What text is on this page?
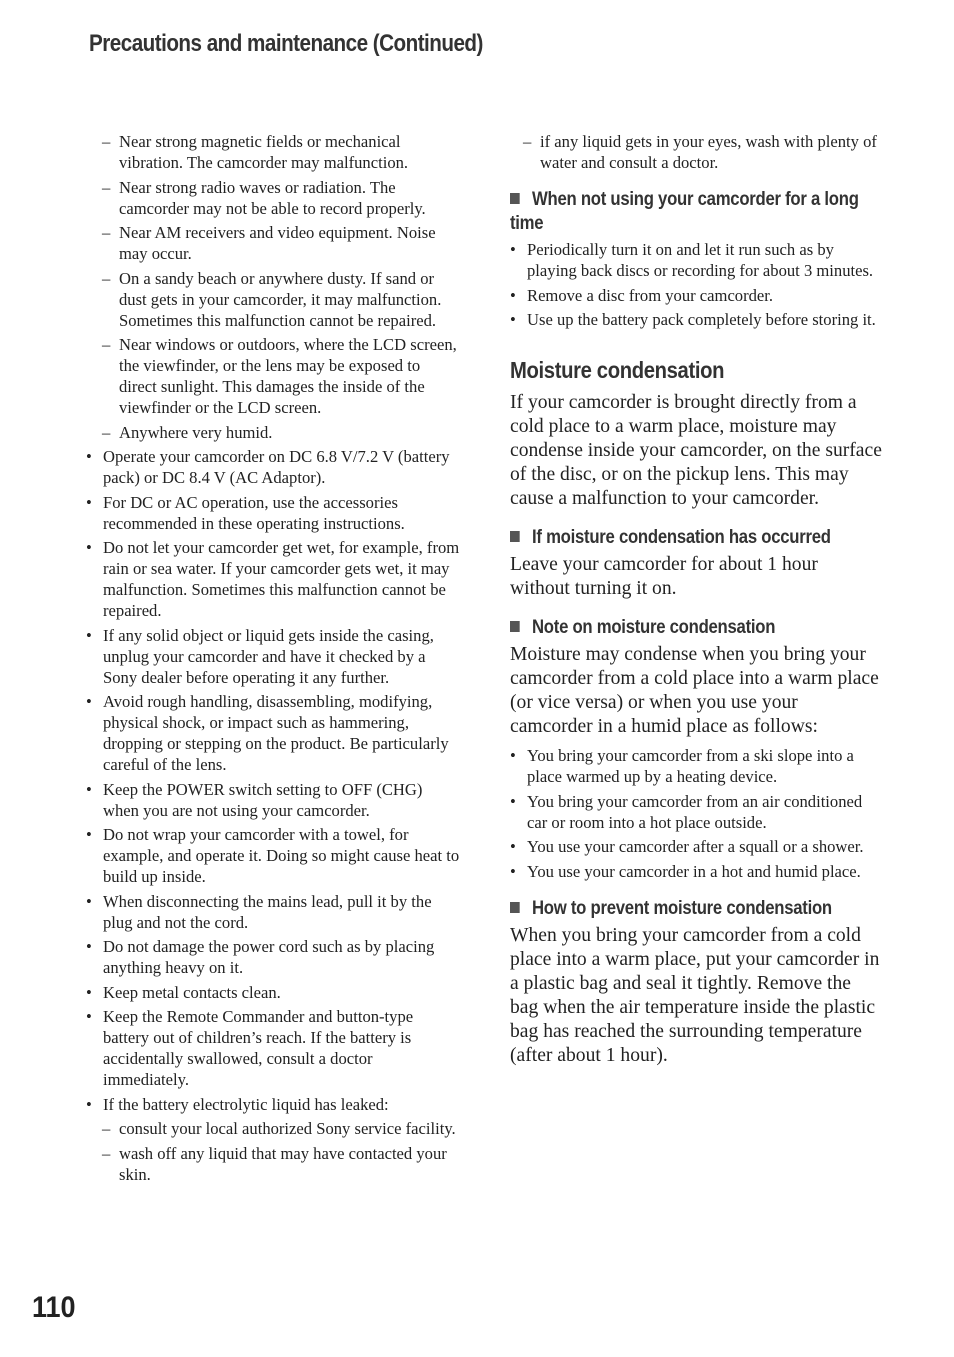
Precautions and maintenance (Continued)
– Near strong magnetic fields or mechanical vibration. The camcorder may malfunction.
– Near strong radio waves or radiation. The camcorder may not be able to record properly.
– Near AM receivers and video equipment. Noise may occur.
– On a sandy beach or anywhere dusty. If sand or dust gets in your camcorder, it may malfunction. Sometimes this malfunction cannot be repaired.
– Near windows or outdoors, where the LCD screen, the viewfinder, or the lens may be exposed to direct sunlight. This damages the inside of the viewfinder or the LCD screen.
– Anywhere very humid.
• Operate your camcorder on DC 6.8 V/7.2 V (battery pack) or DC 8.4 V (AC Adaptor).
• For DC or AC operation, use the accessories recommended in these operating instructions.
• Do not let your camcorder get wet, for example, from rain or sea water. If your camcorder gets wet, it may malfunction. Sometimes this malfunction cannot be repaired.
• If any solid object or liquid gets inside the casing, unplug your camcorder and have it checked by a Sony dealer before operating it any further.
• Avoid rough handling, disassembling, modifying, physical shock, or impact such as hammering, dropping or stepping on the product. Be particularly careful of the lens.
• Keep the POWER switch setting to OFF (CHG) when you are not using your camcorder.
• Do not wrap your camcorder with a towel, for example, and operate it. Doing so might cause heat to build up inside.
• When disconnecting the mains lead, pull it by the plug and not the cord.
• Do not damage the power cord such as by placing anything heavy on it.
• Keep metal contacts clean.
• Keep the Remote Commander and button-type battery out of children’s reach. If the battery is accidentally swallowed, consult a doctor immediately.
• If the battery electrolytic liquid has leaked:
– consult your local authorized Sony service facility.
– wash off any liquid that may have contacted your skin.
– if any liquid gets in your eyes, wash with plenty of water and consult a doctor.
When not using your camcorder for a long time
• Periodically turn it on and let it run such as by playing back discs or recording for about 3 minutes.
• Remove a disc from your camcorder.
• Use up the battery pack completely before storing it.
Moisture condensation

If your camcorder is brought directly from a cold place to a warm place, moisture may condense inside your camcorder, on the surface of the disc, or on the pickup lens. This may cause a malfunction to your camcorder.

If moisture condensation has occurred

Leave your camcorder for about 1 hour without turning it on.

Note on moisture condensation

Moisture may condense when you bring your camcorder from a cold place into a warm place (or vice versa) or when you use your camcorder in a humid place as follows:

• You bring your camcorder from a ski slope into a place warmed up by a heating device.
• You bring your camcorder from an air conditioned car or room into a hot place outside.
• You use your camcorder after a squall or a shower.
• You use your camcorder in a hot and humid place.
How to prevent moisture condensation

When you bring your camcorder from a cold place into a warm place, put your camcorder in a plastic bag and seal it tightly. Remove the bag when the air temperature inside the plastic bag has reached the surrounding temperature (after about 1 hour).

110
